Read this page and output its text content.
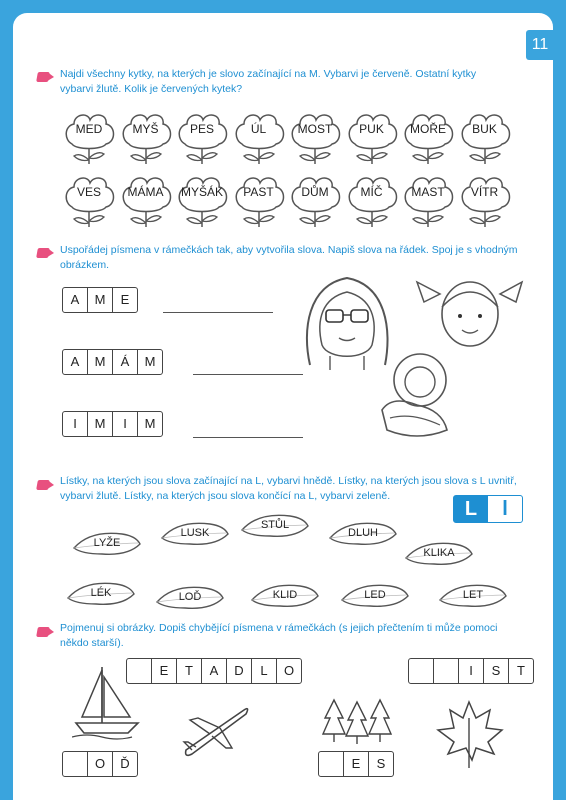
11
Najdi všechny kytky, na kterých je slovo začínající na M. Vybarvi je červeně. Ostatní kytky vybarvi žlutě. Kolik je červených kytek?
MED	MYŠ	PES	ÚL	MOST	PUK	MOŘE	BUK
VES	MÁMA	MYŠÁK	PAST	DŮM	MÍČ	MAST	VÍTR
Uspořádej písmena v rámečkách tak, aby vytvořila slova. Napiš slova na řádek. Spoj je s vhodným obrázkem.
A	M	E
A	M	Á	M
I	M	I	M
Lístky, na kterých jsou slova začínající na L, vybarvi hnědě. Lístky, na kterých jsou slova s L uvnitř, vybarvi žlutě. Lístky, na kterých jsou slova končící na L, vybarvi zeleně.
L	l
LYŽE
LUSK
STŮL
DLUH
KLIKA
LÉK	LOĎ	KLID	LED	LET
Pojmenuj si obrázky. Dopiš chybějící písmena v rámečkách (s jejich přečtením ti může pomoci někdo starší).
E	T	A	D	L	O	I	S	T
O	Ď	E	S
